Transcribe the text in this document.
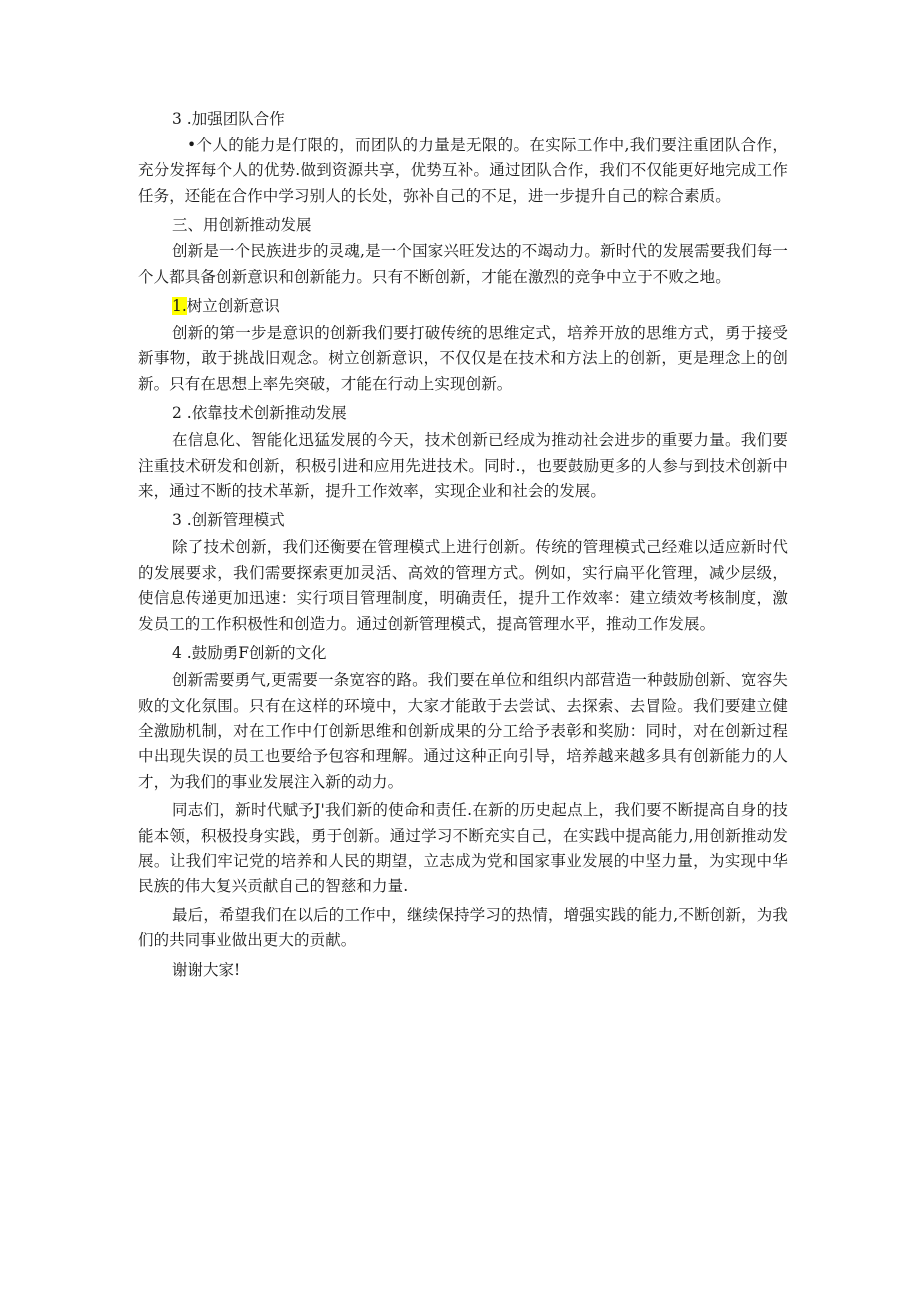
3 .加强团队合作

•个人的能力是仃限的，而团队的力量是无限的。在实际工作中,我们要注重团队合作，充分发挥每个人的优势.做到资源共享，优势互补。通过团队合作，我们不仅能更好地完成工作任务，还能在合作中学习别人的长处，弥补自己的不足，进一步提升自己的粽合素质。

三、用创新推动发展

创新是一个民族进步的灵魂,是一个国家兴旺发达的不竭动力。新时代的发展需要我们每一个人都具备创新意识和创新能力。只有不断创新，才能在激烈的竞争中立于不败之地。

1.树立创新意识

创新的第一步是意识的创新我们要打破传统的思维定式，培养开放的思维方式，勇于接受新事物，敢于挑战旧观念。树立创新意识，不仅仅是在技术和方法上的创新，更是理念上的创新。只有在思想上率先突破，才能在行动上实现创新。

2 .依靠技术创新推动发展

在信息化、智能化迅猛发展的今天，技术创新已经成为推动社会进步的重要力量。我们要注重技术研发和创新，积极引进和应用先进技术。同时.，也要鼓励更多的人参与到技术创新中来，通过不断的技术革新，提升工作效率，实现企业和社会的发展。

3 .创新管理模式

除了技术创新，我们还衡要在管理模式上进行创新。传统的管理模式己经难以适应新时代的发展要求，我们需要探索更加灵活、高效的管理方式。例如，实行扁平化管理，减少层级，使信息传递更加迅速：实行项目管理制度，明确责任，提升工作效率：建立绩效考核制度，激发员工的工作积极性和创造力。通过创新管理模式，提高管理水平，推动工作发展。

4 .鼓励勇F创新的文化

创新需要勇气,更需要一条宽容的路。我们要在单位和组织内部营造一种鼓励创新、宽容失败的文化氛围。只有在这样的环境中，大家才能敢于去尝试、去探索、去冒险。我们要建立健全激励机制，对在工作中仃创新思维和创新成果的分工给予表彰和奖励：同时，对在创新过程中出现失误的员工也要给予包容和理解。通过这种正向引导，培养越来越多具有创新能力的人才，为我们的事业发展注入新的动力。

同志们，新时代赋予J'我们新的使命和责任.在新的历史起点上，我们要不断提高自身的技能本领，积极投身实践，勇于创新。通过学习不断充实自己，在实践中提高能力,用创新推动发展。让我们牢记党的培养和人民的期望，立志成为党和国家事业发展的中坚力量，为实现中华民族的伟大复兴贡献自己的智慈和力量.

最后，希望我们在以后的工作中，继续保持学习的热情，增强实践的能力,不断创新，为我们的共同事业做出更大的贡献。

谢谢大家!
